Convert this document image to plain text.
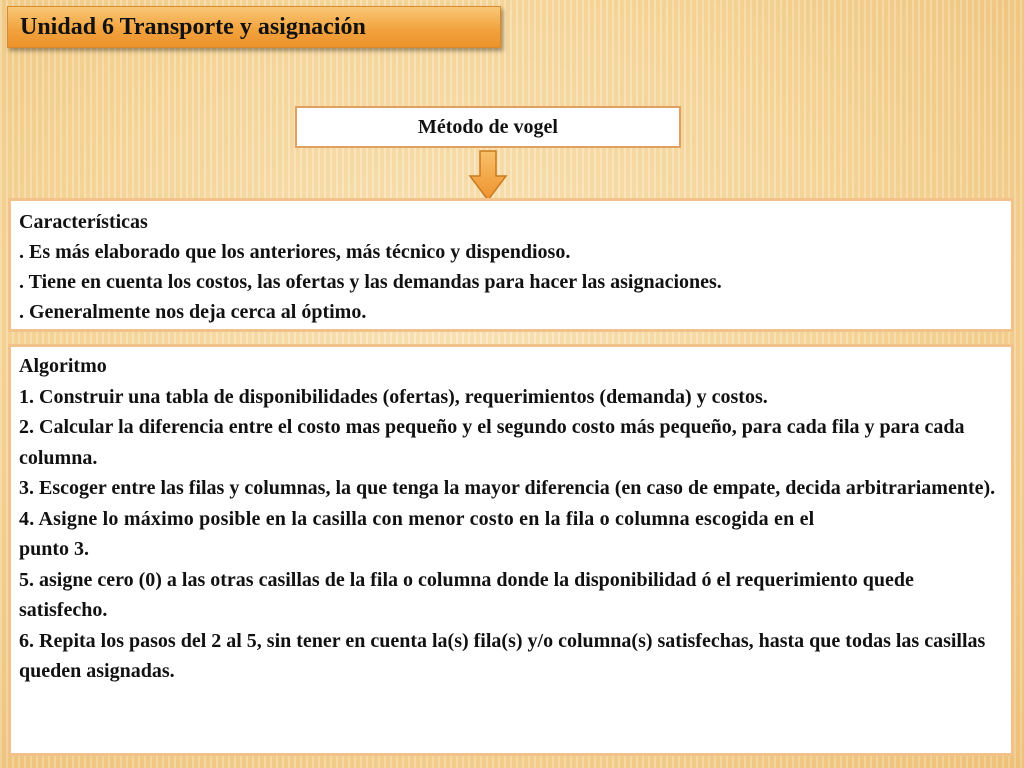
Unidad 6 Transporte y asignación
Método de vogel
Características
. Es más elaborado que los anteriores, más técnico y dispendioso.
. Tiene en cuenta los costos, las ofertas y las demandas para hacer las asignaciones.
. Generalmente nos deja cerca al óptimo.
Algoritmo
1. Construir una tabla de disponibilidades (ofertas), requerimientos (demanda) y costos.
2. Calcular la diferencia entre el costo mas pequeño y el segundo costo más pequeño, para cada fila y para cada columna.
3. Escoger entre las filas y columnas, la que tenga la mayor diferencia (en caso de empate, decida arbitrariamente).
4. Asigne lo máximo posible en la casilla con menor costo en la fila o columna escogida en el
punto 3.
5. asigne cero (0) a las otras casillas de la fila o columna donde la disponibilidad ó el requerimiento quede satisfecho.
6. Repita los pasos del 2 al 5, sin tener en cuenta la(s) fila(s) y/o columna(s) satisfechas, hasta que todas las casillas queden asignadas.
